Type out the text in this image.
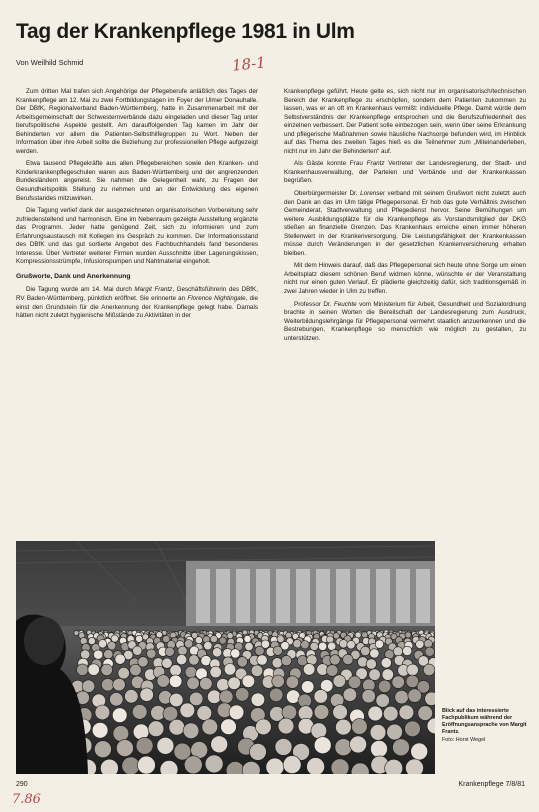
Tag der Krankenpflege 1981 in Ulm
Von Weilhild Schmid	18-1

Zum dritten Mal trafen sich Angehörige der Pflegeberufe anläßlich des Tages der Krankenpflege am 12. Mai zu zwei Fortbildungstagen im Foyer der Ulmer Donauhalle. Der DBfK, Regionalverband Baden-Württemberg, hatte in Zusammenarbeit mit der Arbeitsgemeinschaft der Schwesternverbände dazu eingeladen und dieser Tag unter berufspolitische Aspekte gestellt. Am darauffolgenden Tag kamen im Jahr der Behinderten vor allem die Patienten-Selbsthilfegruppen zu Wort. Neben der Information über ihre Arbeit sollte die Beziehung zur professionellen Pflege aufgezeigt werden.

Etwa tausend Pflegekräfte aus allen Pflegebereichen sowie den Kranken- und Kinderkrankenpflegeschulen waren aus Baden-Württemberg und der angrenzenden Bundesländern angereist. Sie nahmen die Gelegenheit wahr, zu Fragen der Gesundheitspolitik Stellung zu nehmen und an der Entwicklung des eigenen Berufsstandes mitzuwirken.

Die Tagung verlief dank der ausgezeichneten organisatorischen Vorbereitung sehr zufriedenstellend und harmonisch. Eine im Nebenraum gezeigte Ausstellung ergänzte das Programm. Jeder hatte genügend Zeit, sich zu informieren und zum Erfahrungsaustausch mit Kollegen ins Gespräch zu kommen. Der Informationsstand des DBfK und das gut sortierte Angebot des Fachbuchhandels fand besonderes Interesse. Über Vertreter weiterer Firmen wurden Ausschnitte über Lagerungskissen, Kompressionsstrümpfe, Infusionspumpen und Nahtmaterial eingeholt.

Grußworte, Dank und Anerkennung

Die Tagung wurde am 14. Mai durch Margit Frantz, Geschäftsführerin des DBfK, RV Baden-Württemberg, pünktlich eröffnet. Sie erinnerte an Florence Nightingale, die einst den Grundstein für die Anerkennung der Krankenpflege gelegt habe. Damals hätten nicht zuletzt hygienische Mißstände zu Aktivitäten in der

Krankenpflege geführt. Heute gelte es, sich nicht nur im organisatorisch/technischen Bereich der Krankenpflege zu erschöpfen, sondern dem Patienten zukommen zu lassen, was er an oft im Krankenhaus vermißt: individuelle Pflege. Damit würde dem Selbstverständnis der Krankenpflege entsprochen und die Berufszufriedenheit des einzelnen verbessert. Der Patient solle einbezogen sein, wenn über seine Erkrankung und pflegerische Maßnahmen sowie häusliche Nachsorge befunden wird, im Hinblick auf das Thema des zweiten Tages hieß es die Teilnehmer zum „Miteinanderleben, nicht nur im Jahr der Behinderten“ auf.

Als Gäste konnte Frau Frantz Vertreter der Landesregierung, der Stadt- und Krankenhausverwaltung, der Parteien und Verbände und der Krankenkassen begrüßen.

Oberbürgermeister Dr. Lorenser verband mit seinem Grußwort nicht zuletzt auch den Dank an das im Ulm tätige Pflegepersonal. Er hob das gute Verhältnis zwischen Gemeinderat, Stadtverwaltung und Pflegedienst hervor. Seine Bemühungen um weitere Ausbildungsplätze für die Krankenpflege als Vorstandsmitglied der DKG stießen an finanzielle Grenzen. Das Krankenhaus erreiche einen immer höheren Stellenwert in der Krankenversorgung. Die Leistungsfähigkeit der Krankenkassen müsse durch Veränderungen in der gesetzlichen Krankenversicherung erhalten bleiben.

Mit dem Hinweis darauf, daß das Pflegepersonal sich heute ohne Sorge um einen Arbeitsplatz diesem schönen Beruf widmen könne, wünschte er der Veranstaltung nicht nur einen guten Verlauf. Er plädierte gleichzeitig dafür, sich traditionsgemäß in zwei Jahren wieder in Ulm zu treffen.

Professor Dr. Feuchte vom Ministerium für Arbeit, Gesundheit und Sozialordnung brachte in seinen Worten die Bereitschaft der Landesregierung zum Ausdruck, Weiterbildungslehrgänge für Pflegepersonal vermehrt staatlich anzuerkennen und die Bestrebungen, Krankenpflege so menschlich wie möglich zu gestalten, zu unterstützen.

Blick auf das interessierte Fachpublikum während der Eröffnungsansprache von Margit Frantz.
Foto: Horst Wegel
290	Krankenpflege 7/8/81
7.86
